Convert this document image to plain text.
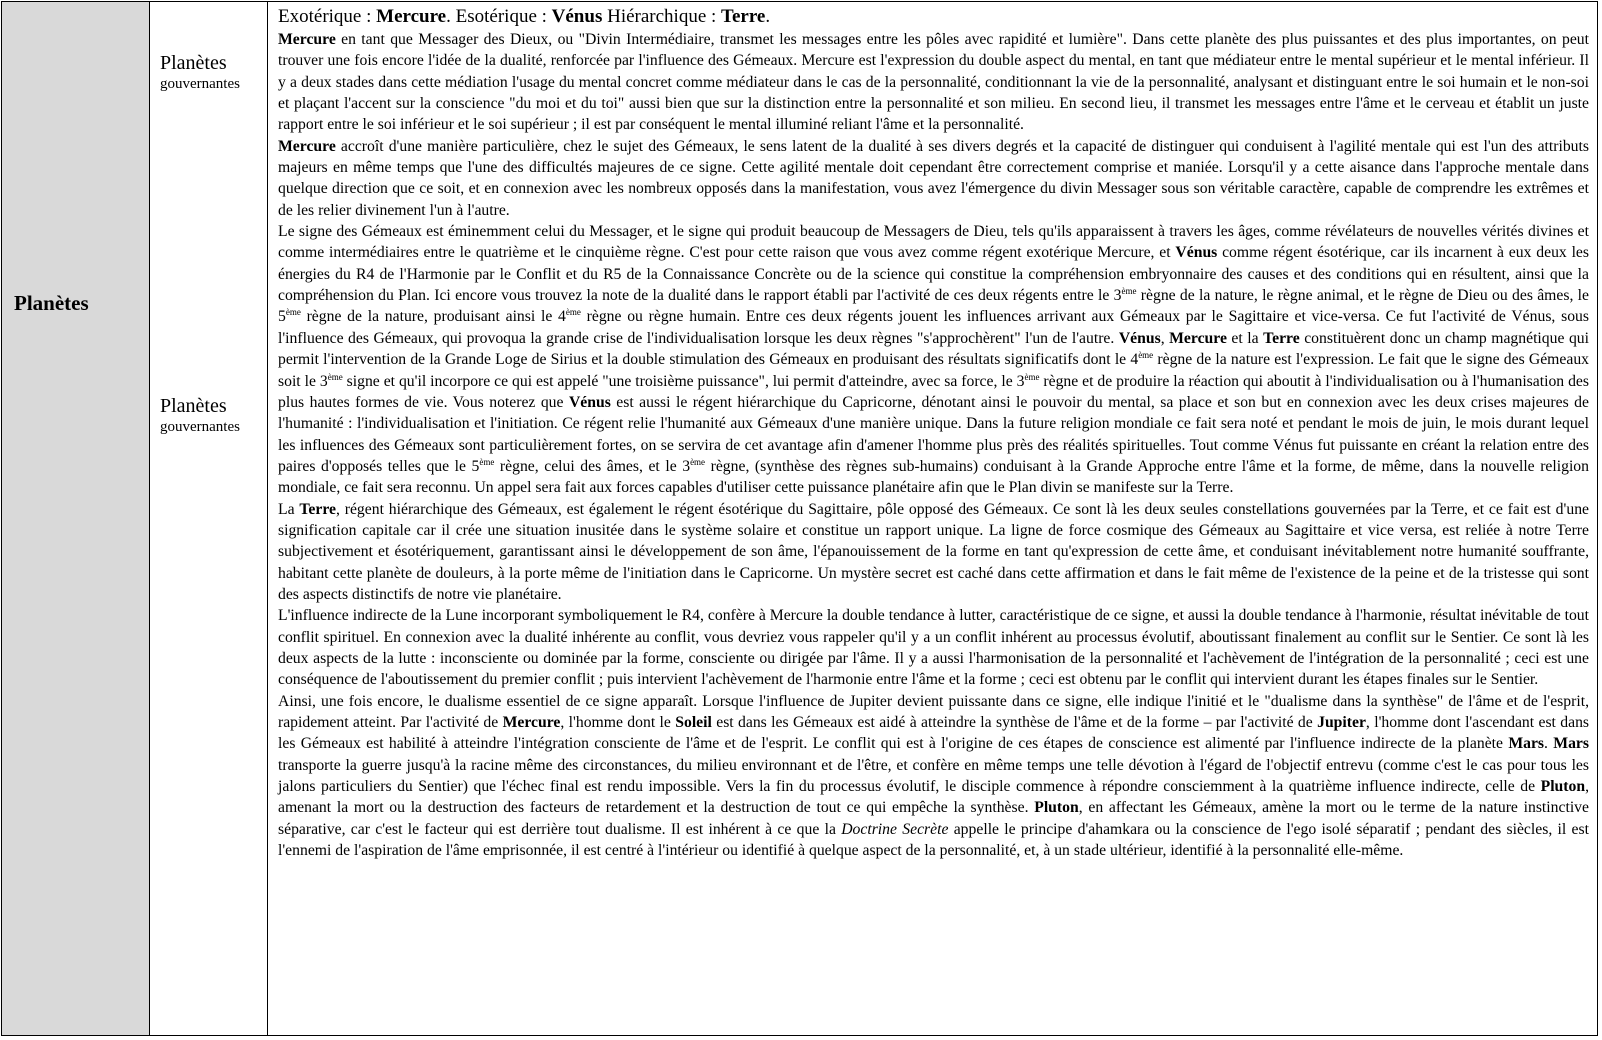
Planètes
Planètes
gouvernantes
Planètes
gouvernantes

Exotérique : Mercure. Esotérique : Vénus Hiérarchique : Terre.

Mercure en tant que Messager des Dieux, ou "Divin Intermédiaire, transmet les messages entre les pôles avec rapidité et lumière". Dans cette planète des plus puissantes et des plus importantes, on peut trouver une fois encore l'idée de la dualité, renforcée par l'influence des Gémeaux. Mercure est l'expression du double aspect du mental, en tant que médiateur entre le mental supérieur et le mental inférieur. Il y a deux stades dans cette médiation l'usage du mental concret comme médiateur dans le cas de la personnalité, conditionnant la vie de la personnalité, analysant et distinguant entre le soi humain et le non-soi et plaçant l'accent sur la conscience "du moi et du toi" aussi bien que sur la distinction entre la personnalité et son milieu. En second lieu, il transmet les messages entre l'âme et le cerveau et établit un juste rapport entre le soi inférieur et le soi supérieur ; il est par conséquent le mental illuminé reliant l'âme et la personnalité.

Mercure accroît d'une manière particulière, chez le sujet des Gémeaux, le sens latent de la dualité à ses divers degrés et la capacité de distinguer qui conduisent à l'agilité mentale qui est l'un des attributs majeurs en même temps que l'une des difficultés majeures de ce signe. Cette agilité mentale doit cependant être correctement comprise et maniée. Lorsqu'il y a cette aisance dans l'approche mentale dans quelque direction que ce soit, et en connexion avec les nombreux opposés dans la manifestation, vous avez l'émergence du divin Messager sous son véritable caractère, capable de comprendre les extrêmes et de les relier divinement l'un à l'autre.

Le signe des Gémeaux est éminemment celui du Messager, et le signe qui produit beaucoup de Messagers de Dieu, tels qu'ils apparaissent à travers les âges, comme révélateurs de nouvelles vérités divines et comme intermédiaires entre le quatrième et le cinquième règne. C'est pour cette raison que vous avez comme régent exotérique Mercure, et Vénus comme régent ésotérique, car ils incarnent à eux deux les énergies du R4 de l'Harmonie par le Conflit et du R5 de la Connaissance Concrète ou de la science qui constitue la compréhension embryonnaire des causes et des conditions qui en résultent, ainsi que la compréhension du Plan. Ici encore vous trouvez la note de la dualité dans le rapport établi par l'activité de ces deux régents entre le 3ème règne de la nature, le règne animal, et le règne de Dieu ou des âmes, le 5ème règne de la nature, produisant ainsi le 4ème règne ou règne humain. Entre ces deux régents jouent les influences arrivant aux Gémeaux par le Sagittaire et vice-versa. Ce fut l'activité de Vénus, sous l'influence des Gémeaux, qui provoqua la grande crise de l'individualisation lorsque les deux règnes "s'approchèrent" l'un de l'autre. Vénus, Mercure et la Terre constituèrent donc un champ magnétique qui permit l'intervention de la Grande Loge de Sirius et la double stimulation des Gémeaux en produisant des résultats significatifs dont le 4ème règne de la nature est l'expression. Le fait que le signe des Gémeaux soit le 3ème signe et qu'il incorpore ce qui est appelé "une troisième puissance", lui permit d'atteindre, avec sa force, le 3ème règne et de produire la réaction qui aboutit à l'individualisation ou à l'humanisation des plus hautes formes de vie. Vous noterez que Vénus est aussi le régent hiérarchique du Capricorne, dénotant ainsi le pouvoir du mental, sa place et son but en connexion avec les deux crises majeures de l'humanité : l'individualisation et l'initiation. Ce régent relie l'humanité aux Gémeaux d'une manière unique. Dans la future religion mondiale ce fait sera noté et pendant le mois de juin, le mois durant lequel les influences des Gémeaux sont particulièrement fortes, on se servira de cet avantage afin d'amener l'homme plus près des réalités spirituelles. Tout comme Vénus fut puissante en créant la relation entre des paires d'opposés telles que le 5ème règne, celui des âmes, et le 3ème règne, (synthèse des règnes sub-humains) conduisant à la Grande Approche entre l'âme et la forme, de même, dans la nouvelle religion mondiale, ce fait sera reconnu. Un appel sera fait aux forces capables d'utiliser cette puissance planétaire afin que le Plan divin se manifeste sur la Terre.

La Terre, régent hiérarchique des Gémeaux, est également le régent ésotérique du Sagittaire, pôle opposé des Gémeaux. Ce sont là les deux seules constellations gouvernées par la Terre, et ce fait est d'une signification capitale car il crée une situation inusitée dans le système solaire et constitue un rapport unique. La ligne de force cosmique des Gémeaux au Sagittaire et vice versa, est reliée à notre Terre subjectivement et ésotériquement, garantissant ainsi le développement de son âme, l'épanouissement de la forme en tant qu'expression de cette âme, et conduisant inévitablement notre humanité souffrante, habitant cette planète de douleurs, à la porte même de l'initiation dans le Capricorne. Un mystère secret est caché dans cette affirmation et dans le fait même de l'existence de la peine et de la tristesse qui sont des aspects distinctifs de notre vie planétaire.

L'influence indirecte de la Lune incorporant symboliquement le R4, confère à Mercure la double tendance à lutter, caractéristique de ce signe, et aussi la double tendance à l'harmonie, résultat inévitable de tout conflit spirituel. En connexion avec la dualité inhérente au conflit, vous devriez vous rappeler qu'il y a un conflit inhérent au processus évolutif, aboutissant finalement au conflit sur le Sentier. Ce sont là les deux aspects de la lutte : inconsciente ou dominée par la forme, consciente ou dirigée par l'âme. Il y a aussi l'harmonisation de la personnalité et l'achèvement de l'intégration de la personnalité ; ceci est une conséquence de l'aboutissement du premier conflit ; puis intervient l'achèvement de l'harmonie entre l'âme et la forme ; ceci est obtenu par le conflit qui intervient durant les étapes finales sur le Sentier.

Ainsi, une fois encore, le dualisme essentiel de ce signe apparaît. Lorsque l'influence de Jupiter devient puissante dans ce signe, elle indique l'initié et le "dualisme dans la synthèse" de l'âme et de l'esprit, rapidement atteint. Par l'activité de Mercure, l'homme dont le Soleil est dans les Gémeaux est aidé à atteindre la synthèse de l'âme et de la forme – par l'activité de Jupiter, l'homme dont l'ascendant est dans les Gémeaux est habilité à atteindre l'intégration consciente de l'âme et de l'esprit. Le conflit qui est à l'origine de ces étapes de conscience est alimenté par l'influence indirecte de la planète Mars. Mars transporte la guerre jusqu'à la racine même des circonstances, du milieu environnant et de l'être, et confère en même temps une telle dévotion à l'égard de l'objectif entrevu (comme c'est le cas pour tous les jalons particuliers du Sentier) que l'échec final est rendu impossible. Vers la fin du processus évolutif, le disciple commence à répondre consciemment à la quatrième influence indirecte, celle de Pluton, amenant la mort ou la destruction des facteurs de retardement et la destruction de tout ce qui empêche la synthèse. Pluton, en affectant les Gémeaux, amène la mort ou le terme de la nature instinctive séparative, car c'est le facteur qui est derrière tout dualisme. Il est inhérent à ce que la Doctrine Secrète appelle le principe d'ahamkara ou la conscience de l'ego isolé séparatif ; pendant des siècles, il est l'ennemi de l'aspiration de l'âme emprisonnée, il est centré à l'intérieur ou identifié à quelque aspect de la personnalité, et, à un stade ultérieur, identifié à la personnalité elle-même.
